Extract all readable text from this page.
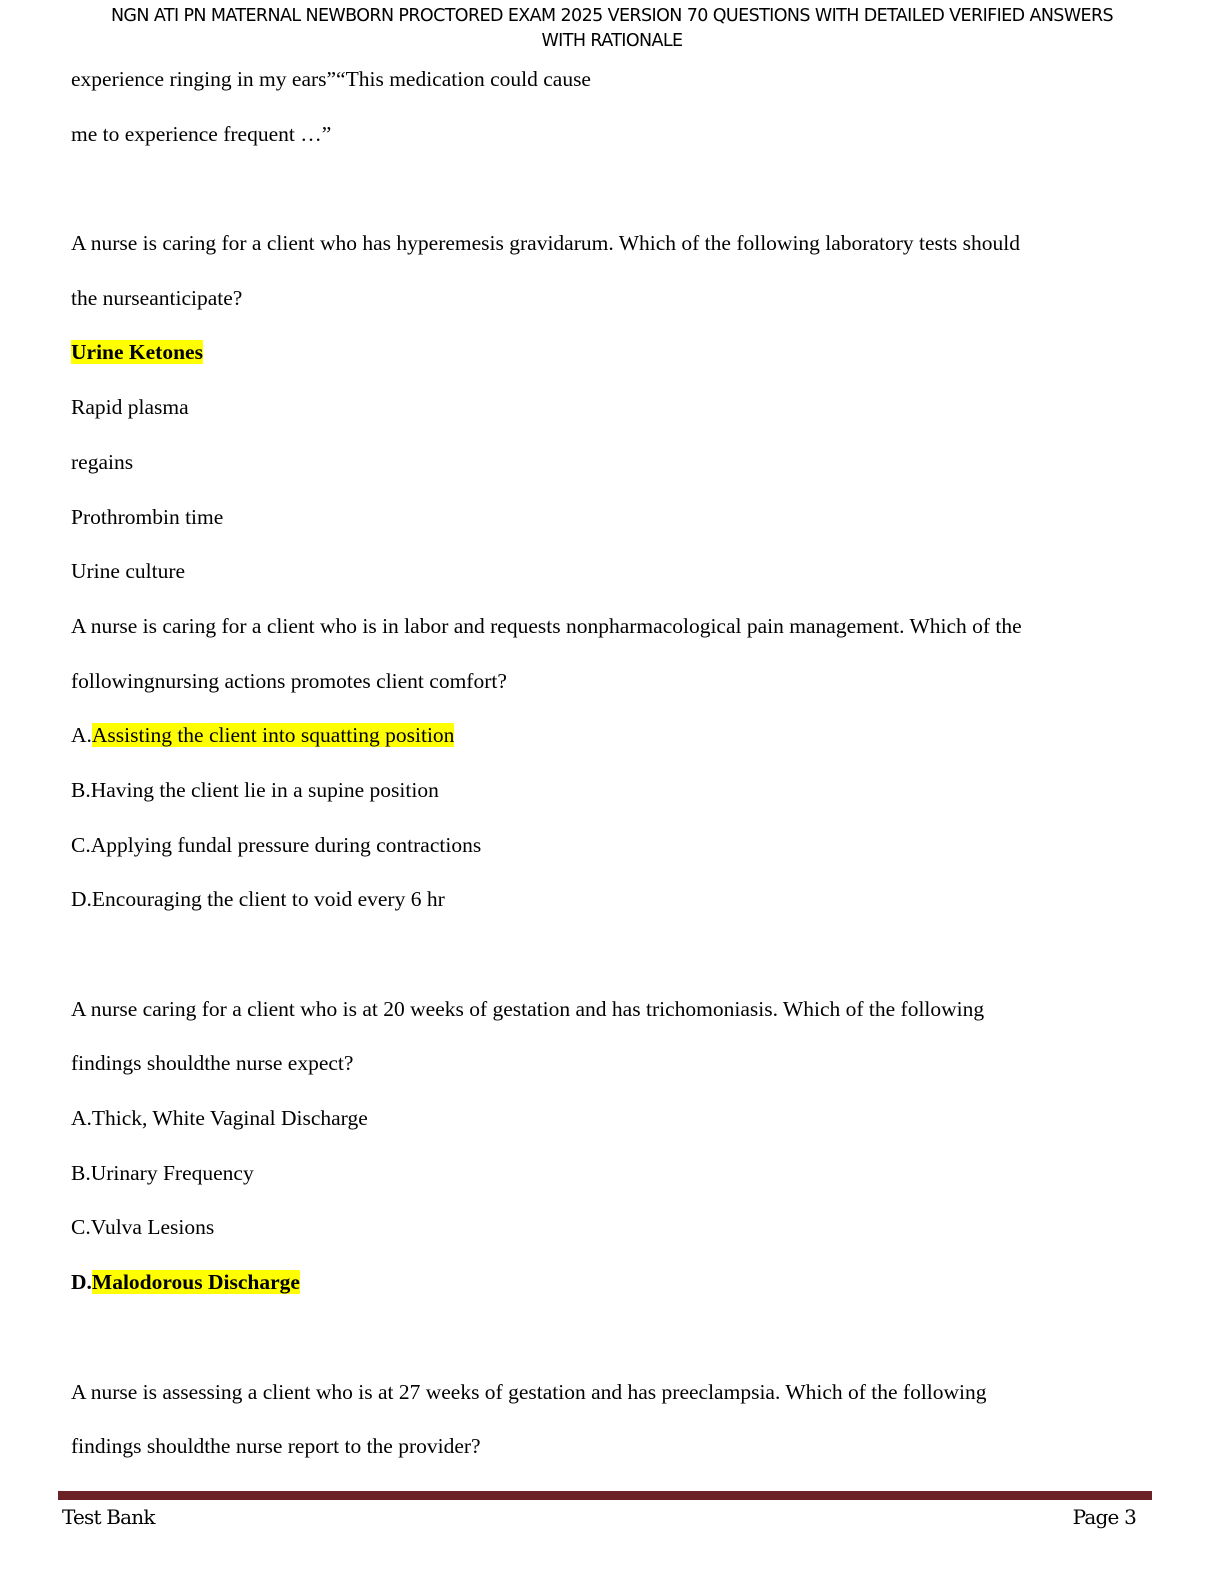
NGN ATI PN MATERNAL NEWBORN PROCTORED EXAM 2025 VERSION 70 QUESTIONS WITH DETAILED VERIFIED ANSWERS
WITH RATIONALE
experience ringing in my ears”“This medication could cause
me to experience frequent …”
A nurse is caring for a client who has hyperemesis gravidarum. Which of the following laboratory tests should
the nurseanticipate?
Urine Ketones
Rapid plasma
regains
Prothrombin time
Urine culture
A nurse is caring for a client who is in labor and requests nonpharmacological pain management. Which of the
followingnursing actions promotes client comfort?
A.Assisting the client into squatting position
B.Having the client lie in a supine position
C.Applying fundal pressure during contractions
D.Encouraging the client to void every 6 hr
A nurse caring for a client who is at 20 weeks of gestation and has trichomoniasis. Which of the following
findings shouldthe nurse expect?
A.Thick, White Vaginal Discharge
B.Urinary Frequency
C.Vulva Lesions
D.Malodorous Discharge
A nurse is assessing a client who is at 27 weeks of gestation and has preeclampsia. Which of the following
findings shouldthe nurse report to the provider?
Test Bank	Page 3
